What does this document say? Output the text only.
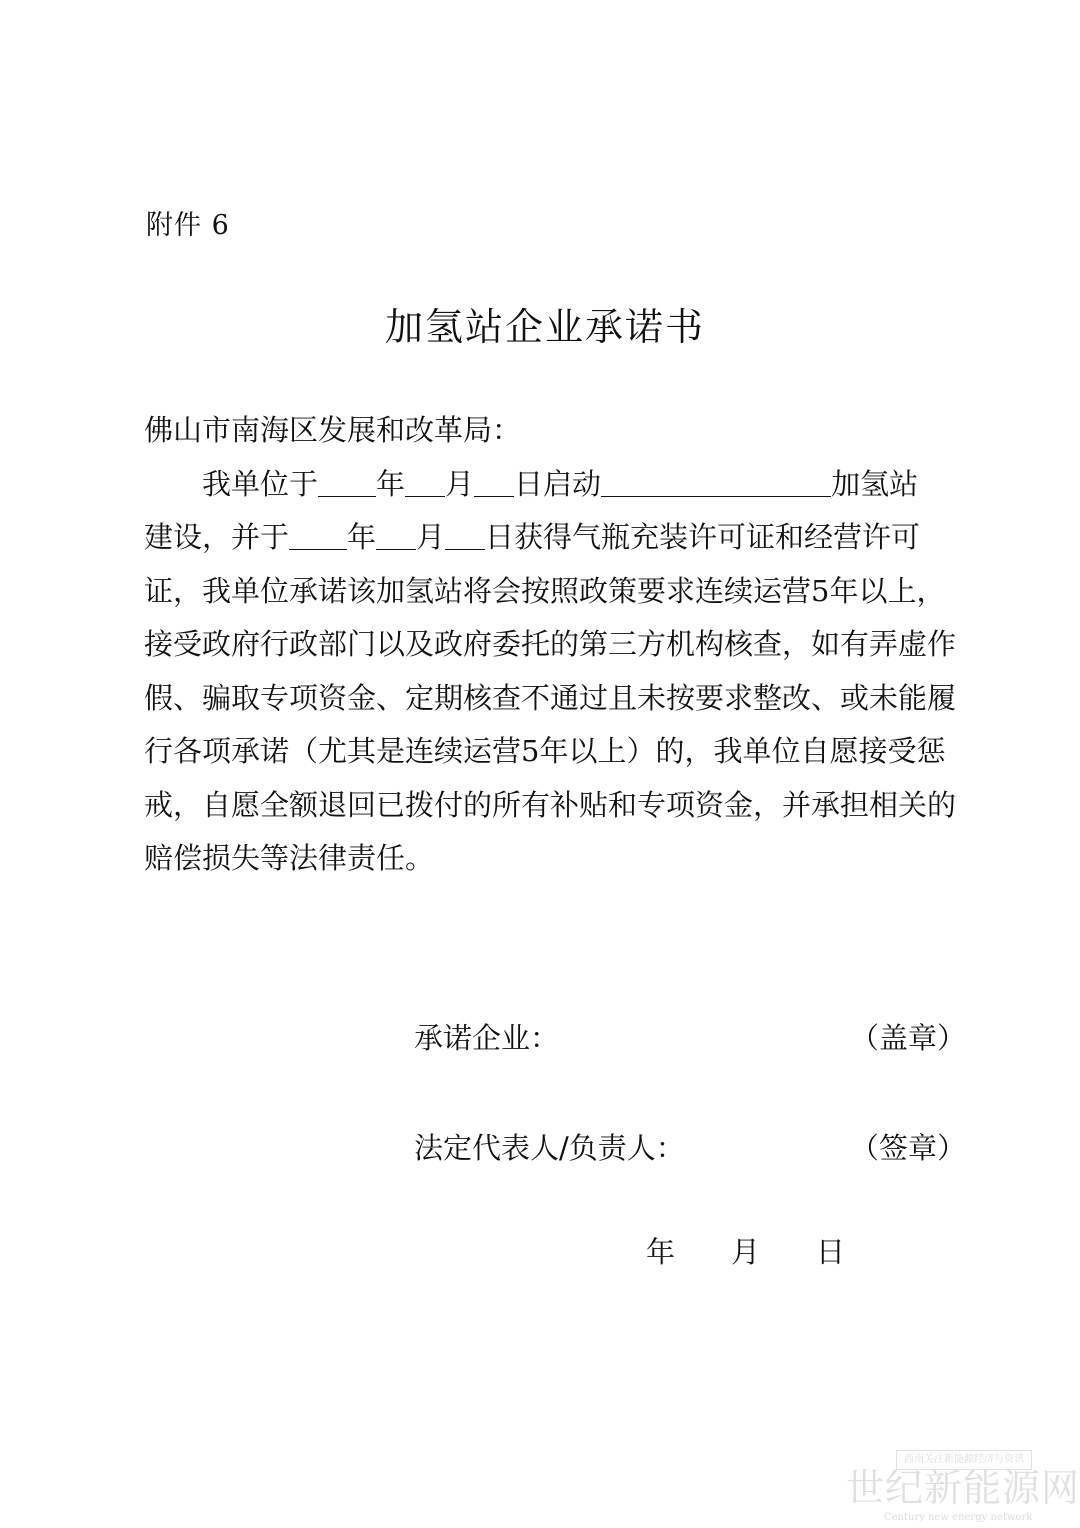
附件 6
加氢站企业承诺书
佛山市南海区发展和改革局：
我单位于 年 月 日启动	加氢站
建设，并于 年 月 日获得气瓶充装许可证和经营许可
证，我单位承诺该加氢站将会按照政策要求连续运营5年以上，
接受政府行政部门以及政府委托的第三方机构核查，如有弄虚作
假、骗取专项资金、定期核查不通过且未按要求整改、或未能履
行各项承诺（尤其是连续运营5年以上）的，我单位自愿接受惩
戒，自愿全额退回已拨付的所有补贴和专项资金，并承担相关的
赔偿损失等法律责任。
承诺企业：	（盖章）
法定代表人/负责人：	（签章）
年 月 日
西南关注新能源经济与资讯
世纪新能源网
Century new energy network
